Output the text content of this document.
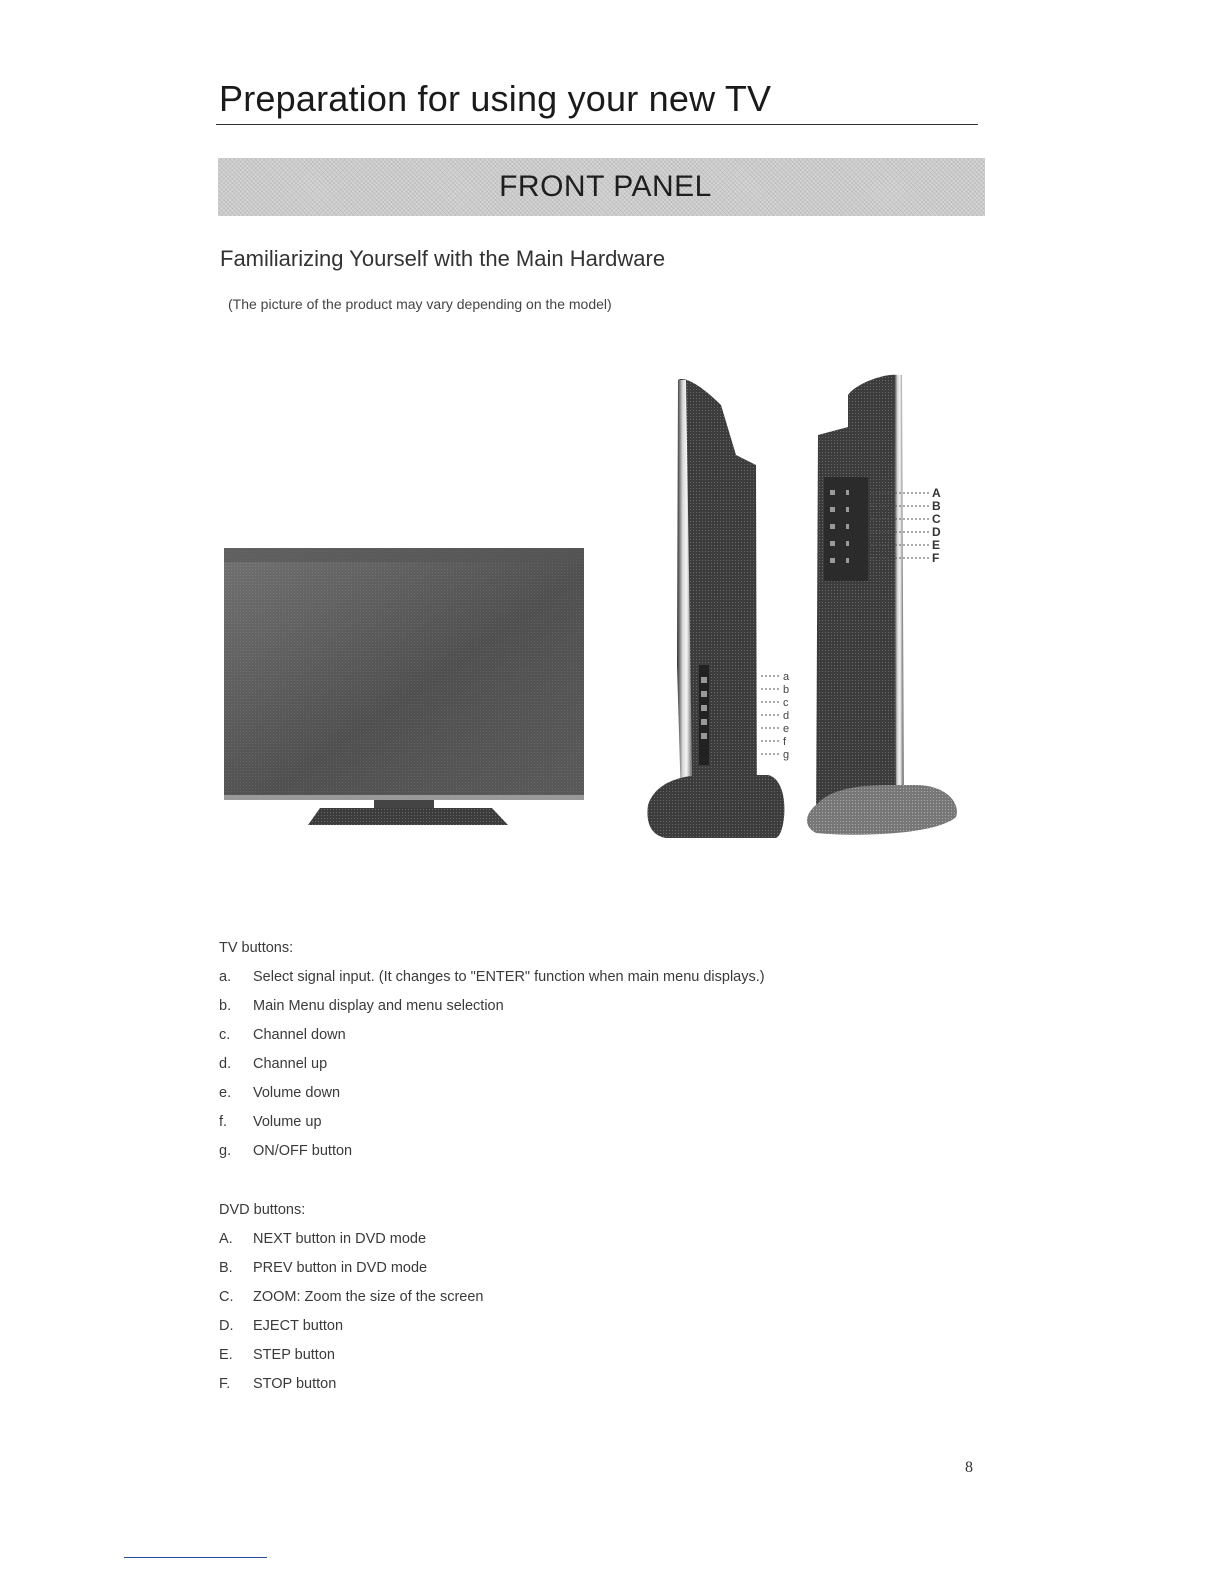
Preparation for using your new TV
FRONT PANEL
Familiarizing Yourself with the Main Hardware
(The picture of the product may vary depending on the model)
a
b
c
d
e
f
g
A
B
C
D
E
F
TV buttons:
a.	Select signal input. (It changes to "ENTER" function when main menu displays.)
b.	Main Menu display and menu selection
c.	Channel down
d.	Channel up
e.	Volume down
f.	Volume up
g.	ON/OFF button
DVD buttons:
A.	NEXT button in DVD mode
B.	PREV button in DVD mode
C.	ZOOM: Zoom the size of the screen
D.	EJECT button
E.	STEP button
F.	STOP button
8
